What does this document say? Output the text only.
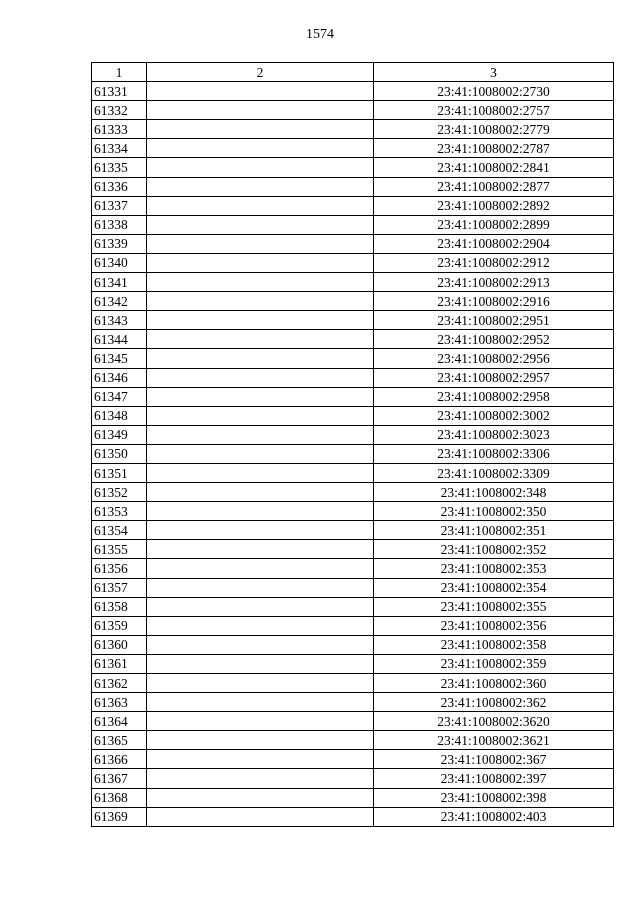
1574
1	2	3
61331		23:41:1008002:2730
61332		23:41:1008002:2757
61333		23:41:1008002:2779
61334		23:41:1008002:2787
61335		23:41:1008002:2841
61336		23:41:1008002:2877
61337		23:41:1008002:2892
61338		23:41:1008002:2899
61339		23:41:1008002:2904
61340		23:41:1008002:2912
61341		23:41:1008002:2913
61342		23:41:1008002:2916
61343		23:41:1008002:2951
61344		23:41:1008002:2952
61345		23:41:1008002:2956
61346		23:41:1008002:2957
61347		23:41:1008002:2958
61348		23:41:1008002:3002
61349		23:41:1008002:3023
61350		23:41:1008002:3306
61351		23:41:1008002:3309
61352		23:41:1008002:348
61353		23:41:1008002:350
61354		23:41:1008002:351
61355		23:41:1008002:352
61356		23:41:1008002:353
61357		23:41:1008002:354
61358		23:41:1008002:355
61359		23:41:1008002:356
61360		23:41:1008002:358
61361		23:41:1008002:359
61362		23:41:1008002:360
61363		23:41:1008002:362
61364		23:41:1008002:3620
61365		23:41:1008002:3621
61366		23:41:1008002:367
61367		23:41:1008002:397
61368		23:41:1008002:398
61369		23:41:1008002:403
